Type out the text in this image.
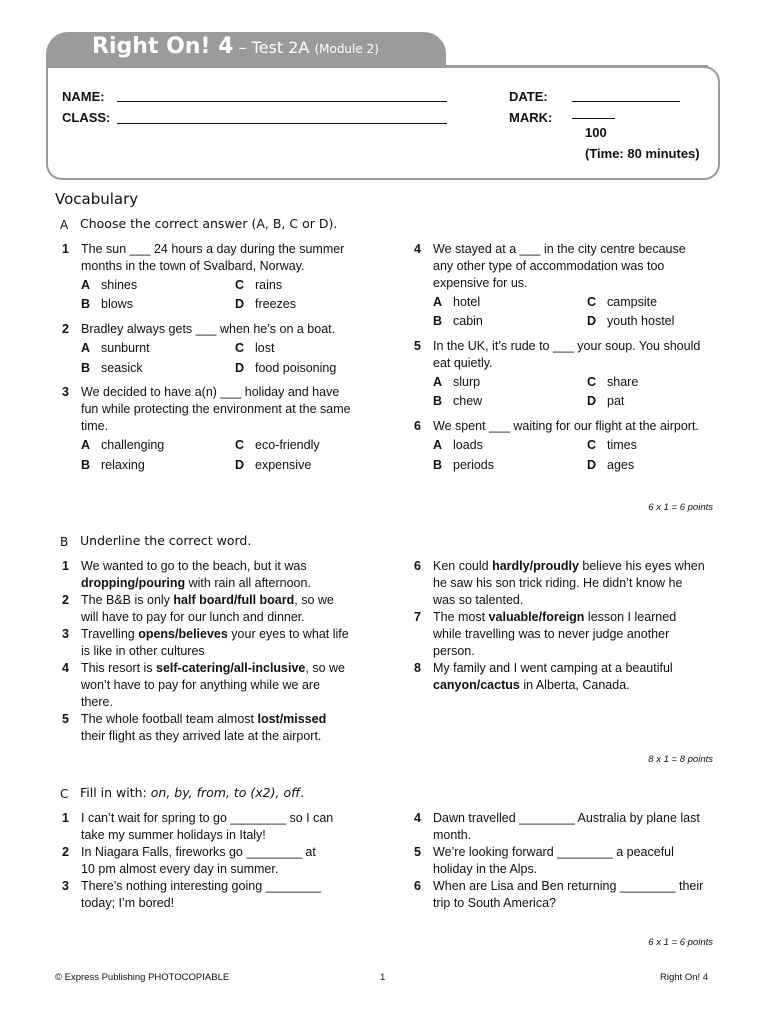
Right On! 4 – Test 2A (Module 2)
NAME:
CLASS:
DATE:
MARK:
100
(Time: 80 minutes)
Vocabulary
A Choose the correct answer (A, B, C or D).
1 The sun ___ 24 hours a day during the summer
months in the town of Svalbard, Norway.
A shines	C rains
B blows	D freezes
2 Bradley always gets ___ when he’s on a boat.
A sunburnt	C lost
B seasick	D food poisoning
3 We decided to have a(n) ___ holiday and have
fun while protecting the environment at the same
time.
A challenging	C eco-friendly
B relaxing	D expensive
4 We stayed at a ___ in the city centre because
any other type of accommodation was too
expensive for us.
A hotel	C campsite
B cabin	D youth hostel
5 In the UK, it’s rude to ___ your soup. You should
eat quietly.
A slurp	C share
B chew	D pat
6 We spent ___ waiting for our flight at the airport.
A loads	C times
B periods	D ages
6 x 1 = 6 points
B Underline the correct word.
1 We wanted to go to the beach, but it was
dropping/pouring with rain all afternoon.
2 The B&B is only half board/full board, so we
will have to pay for our lunch and dinner.
3 Travelling opens/believes your eyes to what life
is like in other cultures
4 This resort is self-catering/all-inclusive, so we
won’t have to pay for anything while we are
there.
5 The whole football team almost lost/missed
their flight as they arrived late at the airport.
6 Ken could hardly/proudly believe his eyes when
he saw his son trick riding. He didn’t know he
was so talented.
7 The most valuable/foreign lesson I learned
while travelling was to never judge another
person.
8 My family and I went camping at a beautiful
canyon/cactus in Alberta, Canada.
8 x 1 = 8 points
C Fill in with: on, by, from, to (x2), off.
1 I can’t wait for spring to go ________ so I can
take my summer holidays in Italy!
2 In Niagara Falls, fireworks go ________ at
10 pm almost every day in summer.
3 There’s nothing interesting going ________
today; I’m bored!
4 Dawn travelled ________ Australia by plane last
month.
5 We’re looking forward ________ a peaceful
holiday in the Alps.
6 When are Lisa and Ben returning ________ their
trip to South America?
6 x 1 = 6 points
© Express Publishing PHOTOCOPIABLE	1	Right On! 4
